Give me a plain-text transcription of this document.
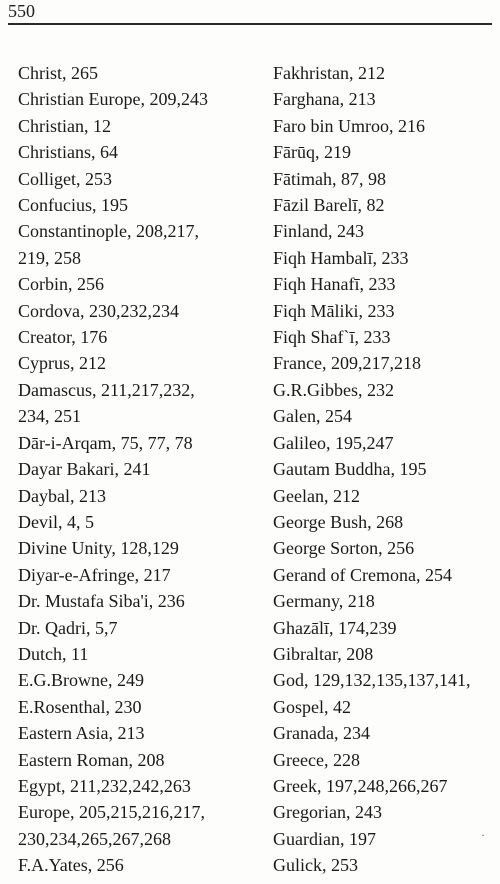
550
Christ, 265
Christian Europe, 209,243
Christian, 12
Christians, 64
Colliget, 253
Confucius, 195
Constantinople, 208,217,
219, 258
Corbin, 256
Cordova, 230,232,234
Creator, 176
Cyprus, 212
Damascus, 211,217,232,
234, 251
Dār-i-Arqam, 75, 77, 78
Dayar Bakari, 241
Daybal, 213
Devil, 4, 5
Divine Unity, 128,129
Diyar-e-Afringe, 217
Dr. Mustafa Siba'i, 236
Dr. Qadri, 5,7
Dutch, 11
E.G.Browne, 249
E.Rosenthal, 230
Eastern Asia, 213
Eastern Roman, 208
Egypt, 211,232,242,263
Europe, 205,215,216,217,
230,234,265,267,268
F.A.Yates, 256
Fakhristan, 212
Farghana, 213
Faro bin Umroo, 216
Fārūq, 219
Fātimah, 87, 98
Fāzil Barelī, 82
Finland, 243
Fiqh Hambalī, 233
Fiqh Hanafī, 233
Fiqh Māliki, 233
Fiqh Shaf`ī, 233
France, 209,217,218
G.R.Gibbes, 232
Galen, 254
Galileo, 195,247
Gautam Buddha, 195
Geelan, 212
George Bush, 268
George Sorton, 256
Gerand of Cremona, 254
Germany, 218
Ghazālī, 174,239
Gibraltar, 208
God, 129,132,135,137,141,
Gospel, 42
Granada, 234
Greece, 228
Greek, 197,248,266,267
Gregorian, 243
Guardian, 197
Gulick, 253
·
